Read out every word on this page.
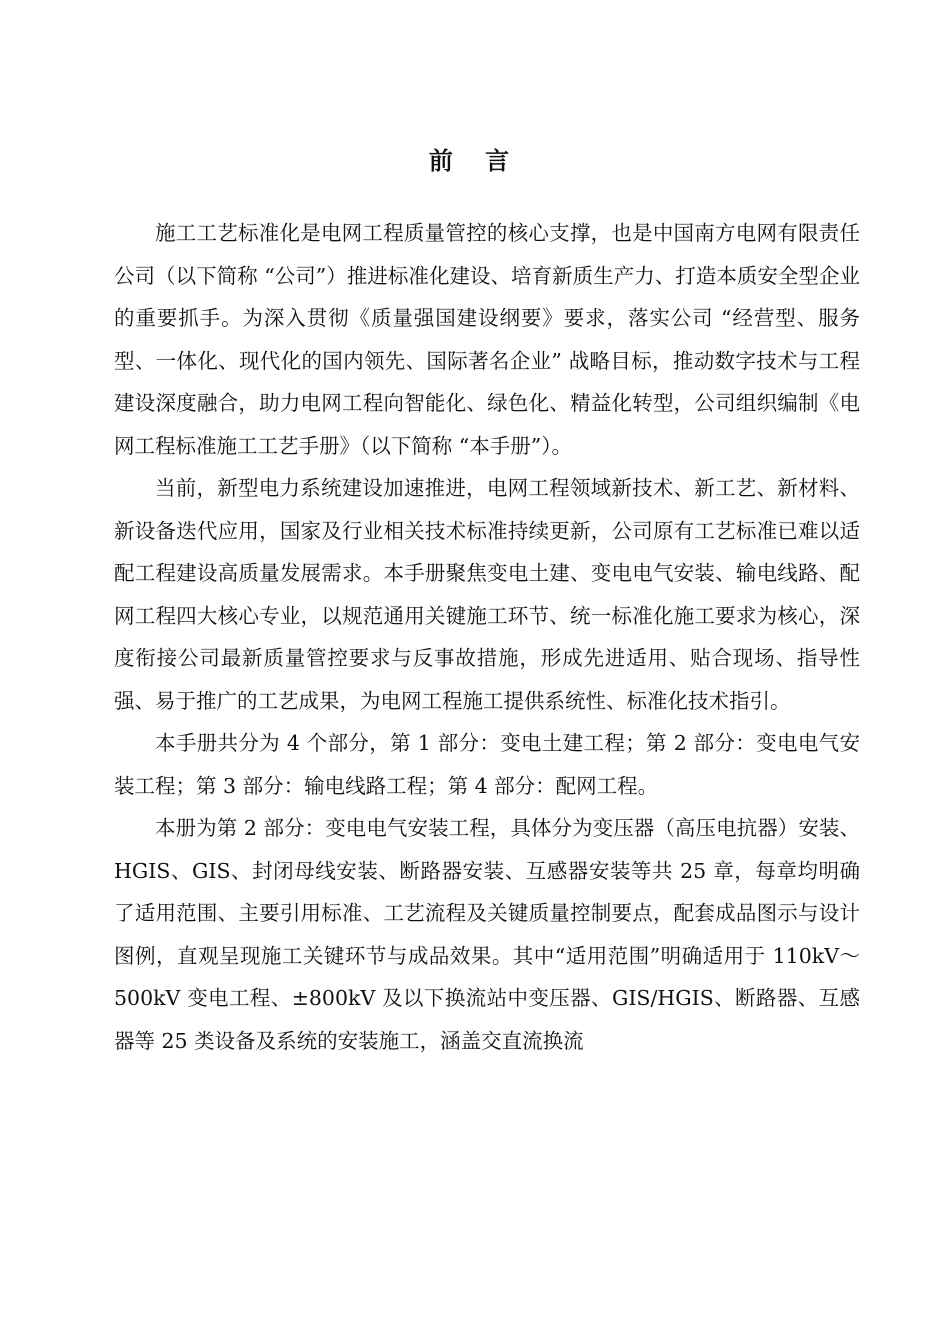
前 言

施工工艺标准化是电网工程质量管控的核心支撑，也是中国南方电网有限责任公司（以下简称 “公司”）推进标准化建设、培育新质生产力、打造本质安全型企业的重要抓手。为深入贯彻《质量强国建设纲要》要求，落实公司 “经营型、服务型、一体化、现代化的国内领先、国际著名企业” 战略目标，推动数字技术与工程建设深度融合，助力电网工程向智能化、绿色化、精益化转型，公司组织编制《电网工程标准施工工艺手册》（以下简称 “本手册”）。

当前，新型电力系统建设加速推进，电网工程领域新技术、新工艺、新材料、新设备迭代应用，国家及行业相关技术标准持续更新，公司原有工艺标准已难以适配工程建设高质量发展需求。本手册聚焦变电土建、变电电气安装、输电线路、配网工程四大核心专业，以规范通用关键施工环节、统一标准化施工要求为核心，深度衔接公司最新质量管控要求与反事故措施，形成先进适用、贴合现场、指导性强、易于推广的工艺成果，为电网工程施工提供系统性、标准化技术指引。

本手册共分为 4 个部分，第 1 部分：变电土建工程；第 2 部分：变电电气安装工程；第 3 部分：输电线路工程；第 4 部分：配网工程。

本册为第 2 部分：变电电气安装工程，具体分为变压器（高压电抗器）安装、HGIS、GIS、封闭母线安装、断路器安装、互感器安装等共 25 章，每章均明确了适用范围、主要引用标准、工艺流程及关键质量控制要点，配套成品图示与设计图例，直观呈现施工关键环节与成品效果。其中“适用范围”明确适用于 110kV～500kV 变电工程、±800kV 及以下换流站中变压器、GIS/HGIS、断路器、互感器等 25 类设备及系统的安装施工，涵盖交直流换流
